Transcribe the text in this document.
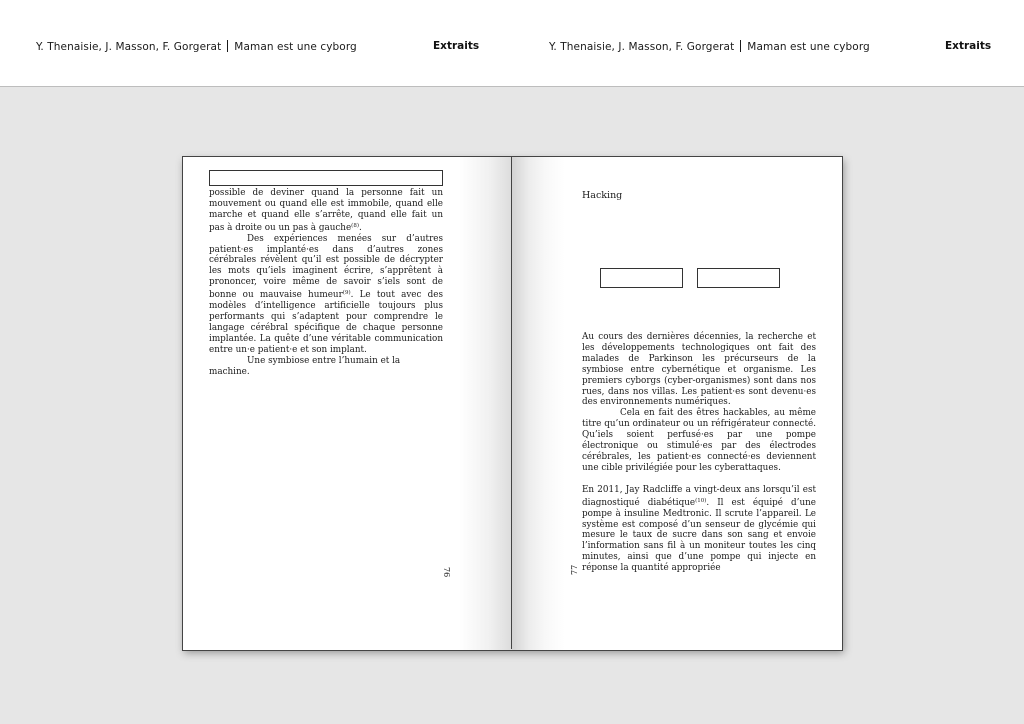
Y. Thenaisie, J. Masson, F. Gorgerat Maman est une cyborg	Extraits	Y. Thenaisie, J. Masson, F. Gorgerat Maman est une cyborg	Extraits

possible de deviner quand la personne fait un mouvement ou quand elle est immobile, quand elle marche et quand elle s’arrête, quand elle fait un pas à droite ou un pas à gauche$^{(8)}$.

Des expériences menées sur d’autres patient·es implanté·es dans d’autres zones cérébrales révèlent qu’il est possible de décrypter les mots qu’iels imaginent écrire, s’apprêtent à prononcer, voire même de savoir s’iels sont de bonne ou mauvaise humeur$^{(9)}$. Le tout avec des modèles d’intelligence artificielle toujours plus performants qui s’adaptent pour comprendre le langage cérébral spécifique de chaque personne implantée. La quête d’une véritable communication entre un·e patient·e et son implant.

Une symbiose entre l’humain et la machine.

76
Hacking

Au cours des dernières décennies, la recherche et les développements technologiques ont fait des malades de Parkinson les précurseurs de la symbiose entre cybernétique et organisme. Les premiers cyborgs (cyber-organismes) sont dans nos rues, dans nos villas. Les patient·es sont devenu·es des environnements numériques.

Cela en fait des êtres hackables, au même titre qu’un ordinateur ou un réfrigérateur connecté. Qu’iels soient perfusé·es par une pompe électronique ou stimulé·es par des électrodes cérébrales, les patient·es connecté·es deviennent une cible privilégiée pour les cyberattaques.

En 2011, Jay Radcliffe a vingt-deux ans lorsqu’il est diagnostiqué diabétique$^{(10)}$. Il est équipé d’une pompe à insuline Medtronic. Il scrute l’appareil. Le système est composé d’un senseur de glycémie qui mesure le taux de sucre dans son sang et envoie l’information sans fil à un moniteur toutes les cinq minutes, ainsi que d’une pompe qui injecte en réponse la quantité appropriée

77
